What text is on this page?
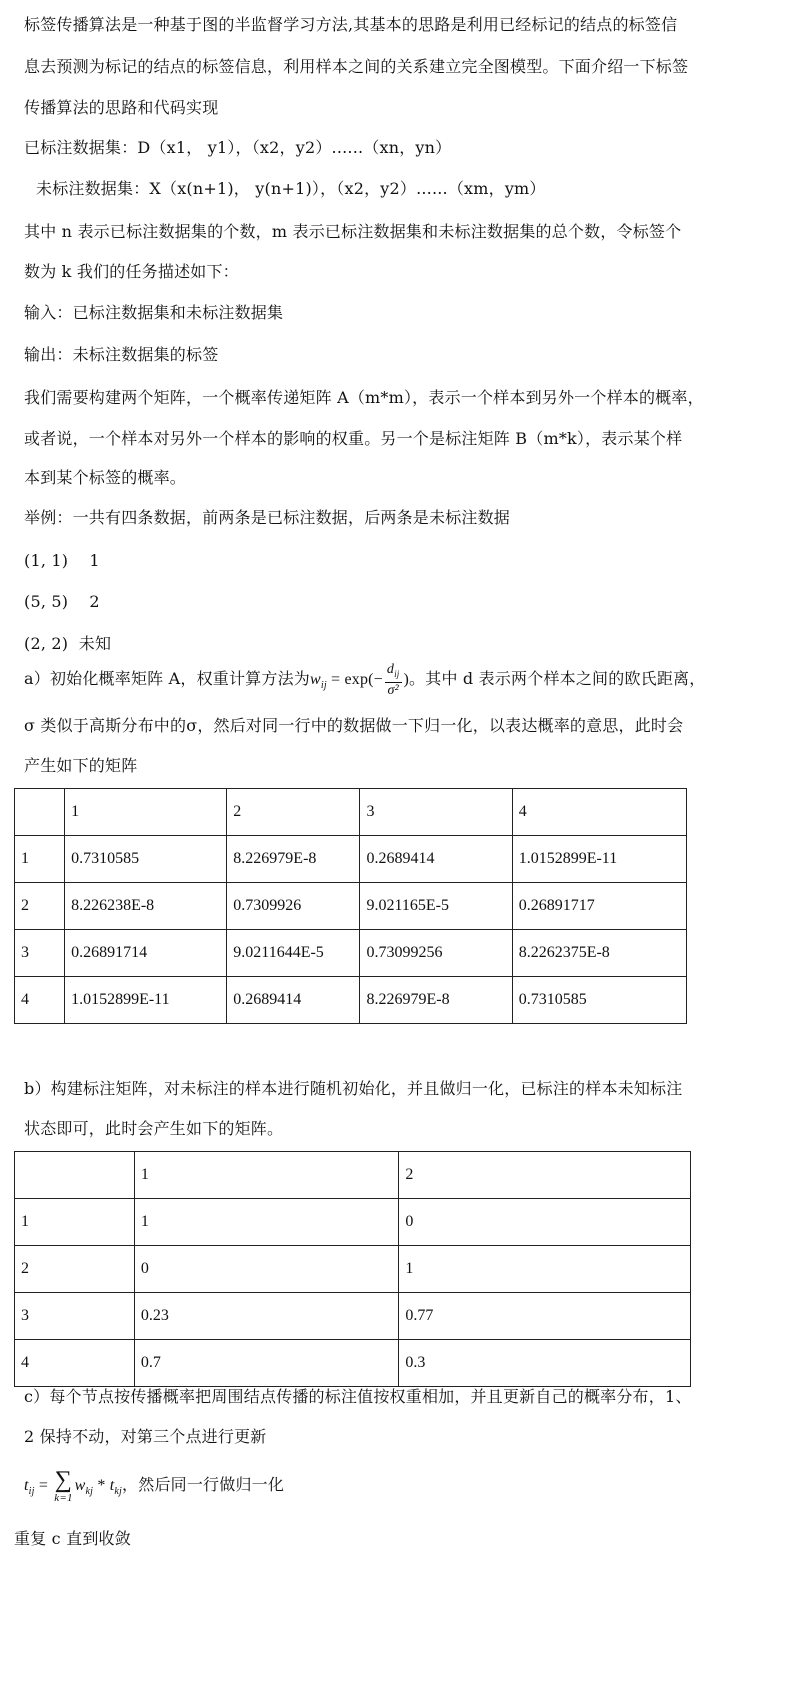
标签传播算法是一种基于图的半监督学习方法,其基本的思路是利用已经标记的结点的标签信
息去预测为标记的结点的标签信息，利用样本之间的关系建立完全图模型。下面介绍一下标签
传播算法的思路和代码实现
已标注数据集：D（x1， y1），（x2，y2）......（xn，yn）
未标注数据集：X（x(n+1)， y(n+1)），（x2，y2）......（xm，ym）
其中 n 表示已标注数据集的个数，m 表示已标注数据集和未标注数据集的总个数，令标签个
数为 k 我们的任务描述如下：
输入：已标注数据集和未标注数据集
输出：未标注数据集的标签
我们需要构建两个矩阵，一个概率传递矩阵 A（m*m），表示一个样本到另外一个样本的概率，
或者说，一个样本对另外一个样本的影响的权重。另一个是标注矩阵 B（m*k），表示某个样
本到某个标签的概率。
举例：一共有四条数据，前两条是已标注数据，后两条是未标注数据
(1, 1)    1
(5, 5)    2
(2, 2)  未知
a）初始化概率矩阵 A，权重计算方法为$w_{ij} = \exp(- \frac{d_{ij}}{\text{σ²}}$ )。其中 d 表示两个样本之间的欧氏距离，
σ 类似于高斯分布中的σ，然后对同一行中的数据做一下归一化，以表达概率的意思，此时会
产生如下的矩阵
	1	2	3	4
1	0.7310585	8.226979E-8	0.2689414	1.0152899E-11
2	8.226238E-8	0.7309926	9.021165E-5	0.26891717
3	0.26891714	9.0211644E-5	0.73099256	8.2262375E-8
4	1.0152899E-11	0.2689414	8.226979E-8	0.7310585
b）构建标注矩阵，对未标注的样本进行随机初始化，并且做归一化，已标注的样本未知标注
状态即可，此时会产生如下的矩阵。
	1	2
1	1	0
2	0	1
3	0.23	0.77
4	0.7	0.3
c）每个节点按传播概率把周围结点传播的标注值按权重相加，并且更新自己的概率分布，1、
2 保持不动，对第三个点进行更新
$t_{ij}$ = ∑
k=1
$w_{kj} * t_{kj}$，然后同一行做归一化
重复 c 直到收敛
